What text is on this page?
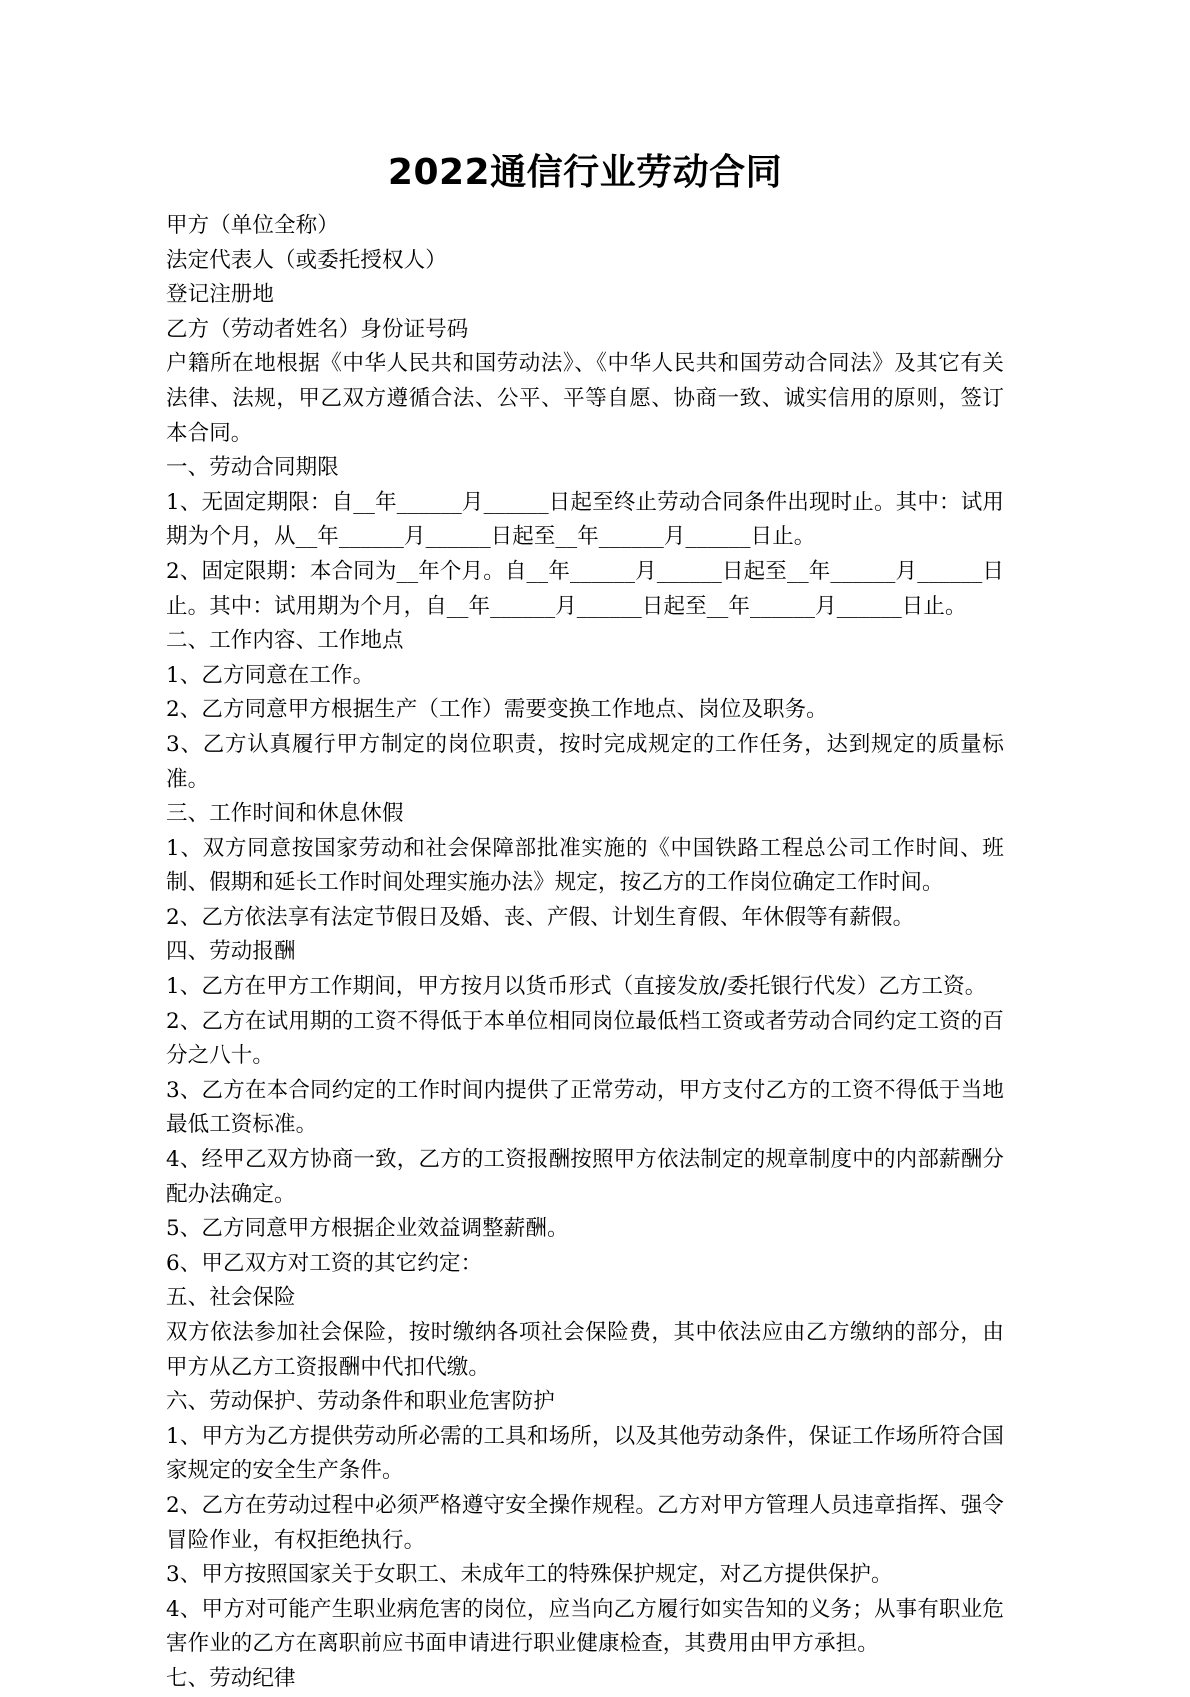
2022通信行业劳动合同

甲方（单位全称）

法定代表人（或委托授权人）

登记注册地

乙方（劳动者姓名）身份证号码

户籍所在地根据《中华人民共和国劳动法》、《中华人民共和国劳动合同法》及其它有关法律、法规，甲乙双方遵循合法、公平、平等自愿、协商一致、诚实信用的原则，签订本合同。

一、劳动合同期限

1、无固定期限：自__年______月______日起至终止劳动合同条件出现时止。其中：试用期为个月，从__年______月______日起至__年______月______日止。

2、固定限期：本合同为__年个月。自__年______月______日起至__年______月______日止。其中：试用期为个月，自__年______月______日起至__年______月______日止。

二、工作内容、工作地点

1、乙方同意在工作。

2、乙方同意甲方根据生产（工作）需要变换工作地点、岗位及职务。

3、乙方认真履行甲方制定的岗位职责，按时完成规定的工作任务，达到规定的质量标准。

三、工作时间和休息休假

1、双方同意按国家劳动和社会保障部批准实施的《中国铁路工程总公司工作时间、班制、假期和延长工作时间处理实施办法》规定，按乙方的工作岗位确定工作时间。

2、乙方依法享有法定节假日及婚、丧、产假、计划生育假、年休假等有薪假。

四、劳动报酬

1、乙方在甲方工作期间，甲方按月以货币形式（直接发放/委托银行代发）乙方工资。

2、乙方在试用期的工资不得低于本单位相同岗位最低档工资或者劳动合同约定工资的百分之八十。

3、乙方在本合同约定的工作时间内提供了正常劳动，甲方支付乙方的工资不得低于当地最低工资标准。

4、经甲乙双方协商一致，乙方的工资报酬按照甲方依法制定的规章制度中的内部薪酬分配办法确定。

5、乙方同意甲方根据企业效益调整薪酬。

6、甲乙双方对工资的其它约定：

五、社会保险

双方依法参加社会保险，按时缴纳各项社会保险费，其中依法应由乙方缴纳的部分，由甲方从乙方工资报酬中代扣代缴。

六、劳动保护、劳动条件和职业危害防护

1、甲方为乙方提供劳动所必需的工具和场所，以及其他劳动条件，保证工作场所符合国家规定的安全生产条件。

2、乙方在劳动过程中必须严格遵守安全操作规程。乙方对甲方管理人员违章指挥、强令冒险作业，有权拒绝执行。

3、甲方按照国家关于女职工、未成年工的特殊保护规定，对乙方提供保护。

4、甲方对可能产生职业病危害的岗位，应当向乙方履行如实告知的义务；从事有职业危害作业的乙方在离职前应书面申请进行职业健康检查，其费用由甲方承担。

七、劳动纪律
